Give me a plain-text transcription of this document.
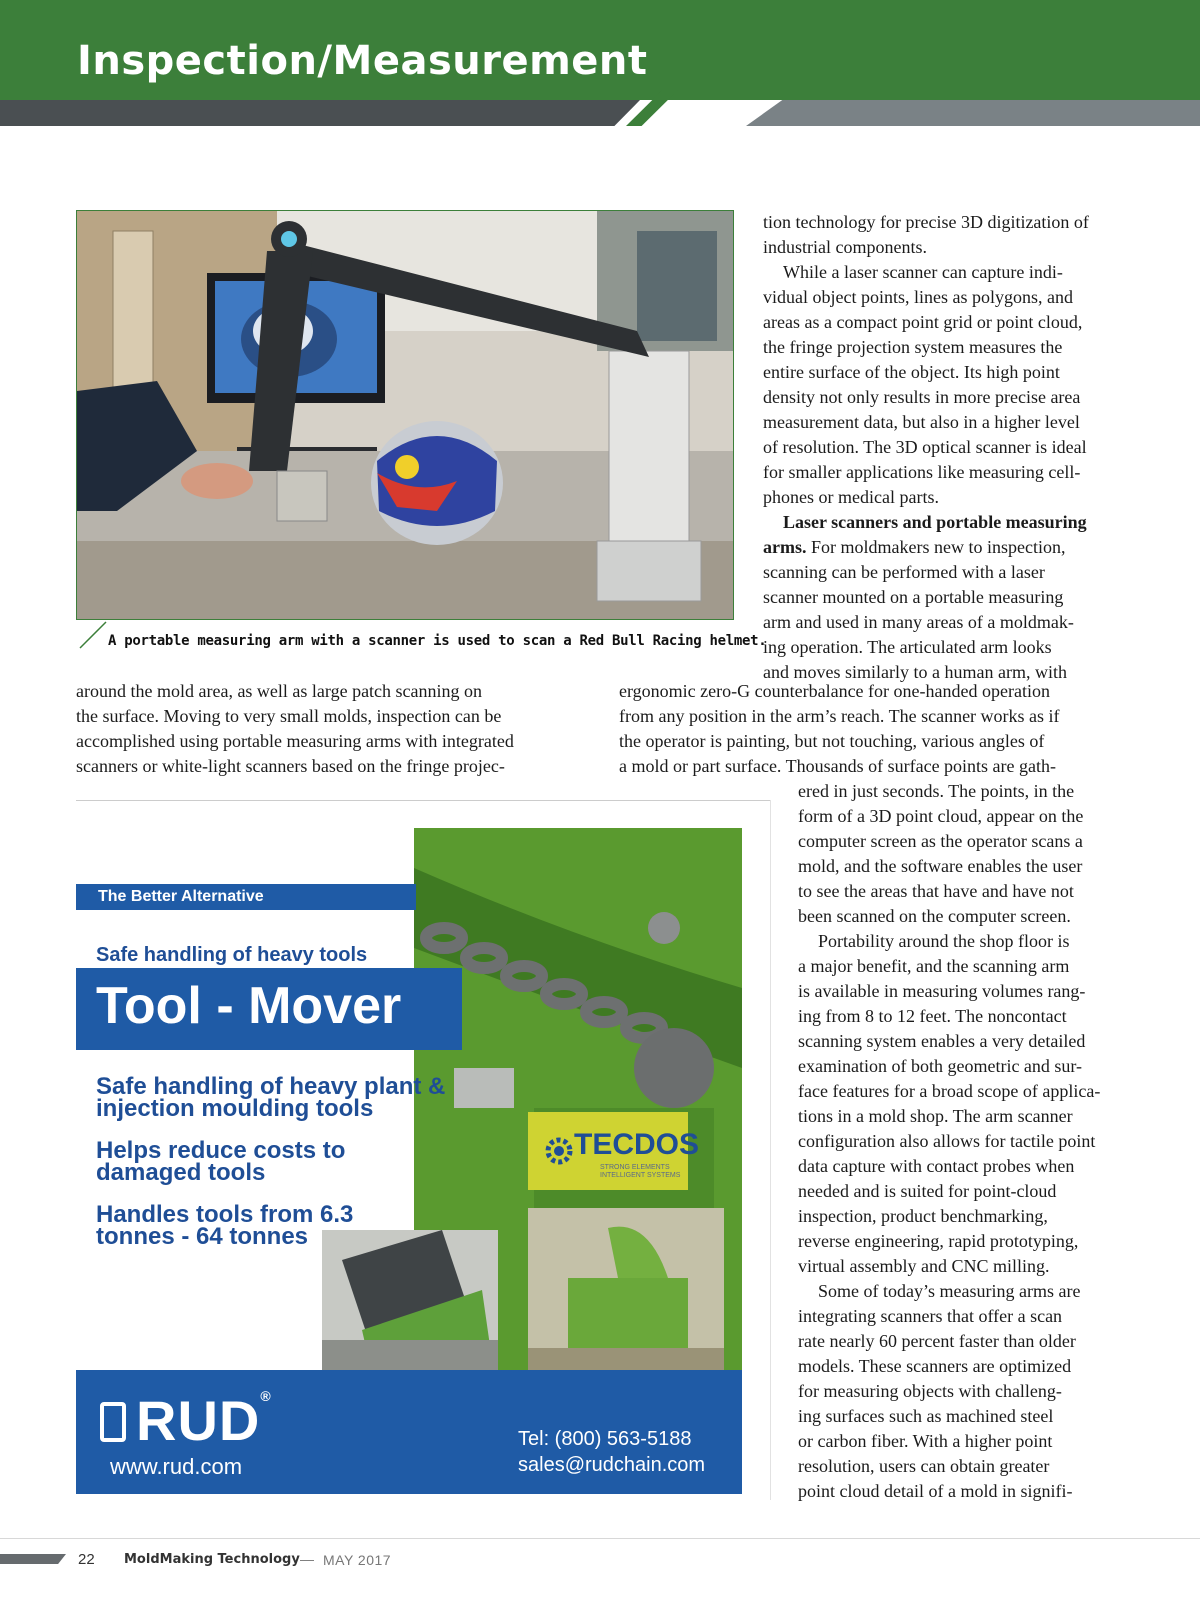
Inspection/Measurement
A portable measuring arm with a scanner is used to scan a Red Bull Racing helmet.
tion technology for precise 3D digitization of
industrial components.
While a laser scanner can capture indi-
vidual object points, lines as polygons, and
areas as a compact point grid or point cloud,
the fringe projection system measures the
entire surface of the object. Its high point
density not only results in more precise area
measurement data, but also in a higher level
of resolution. The 3D optical scanner is ideal
for smaller applications like measuring cell-
phones or medical parts.
Laser scanners and portable measuring
arms. For moldmakers new to inspection,
scanning can be performed with a laser
scanner mounted on a portable measuring
arm and used in many areas of a moldmak-
ing operation. The articulated arm looks
and moves similarly to a human arm, with
around the mold area, as well as large patch scanning on
the surface. Moving to very small molds, inspection can be
accomplished using portable measuring arms with integrated
scanners or white-light scanners based on the fringe projec-
ergonomic zero-G counterbalance for one-handed operation
from any position in the arm’s reach. The scanner works as if
the operator is painting, but not touching, various angles of
a mold or part surface. Thousands of surface points are gath-
ered in just seconds. The points, in the
form of a 3D point cloud, appear on the
computer screen as the operator scans a
mold, and the software enables the user
to see the areas that have and have not
been scanned on the computer screen.
Portability around the shop floor is
a major benefit, and the scanning arm
is available in measuring volumes rang-
ing from 8 to 12 feet. The noncontact
scanning system enables a very detailed
examination of both geometric and sur-
face features for a broad scope of applica-
tions in a mold shop. The arm scanner
configuration also allows for tactile point
data capture with contact probes when
needed and is suited for point-cloud
inspection, product benchmarking,
reverse engineering, rapid prototyping,
virtual assembly and CNC milling.
Some of today’s measuring arms are
integrating scanners that offer a scan
rate nearly 60 percent faster than older
models. These scanners are optimized
for measuring objects with challeng-
ing surfaces such as machined steel
or carbon fiber. With a higher point
resolution, users can obtain greater
point cloud detail of a mold in signifi-
The Better Alternative
Safe handling of heavy tools
Tool - Mover
Safe handling of heavy plant &
injection moulding tools
Helps reduce costs to
damaged tools
Handles tools from 6.3
tonnes - 64 tonnes
TECDOS
STRONG ELEMENTS
INTELLIGENT SYSTEMS
RUD®
www.rud.com
Tel: (800) 563-5188
sales@rudchain.com
22 MoldMaking Technology — MAY 2017
